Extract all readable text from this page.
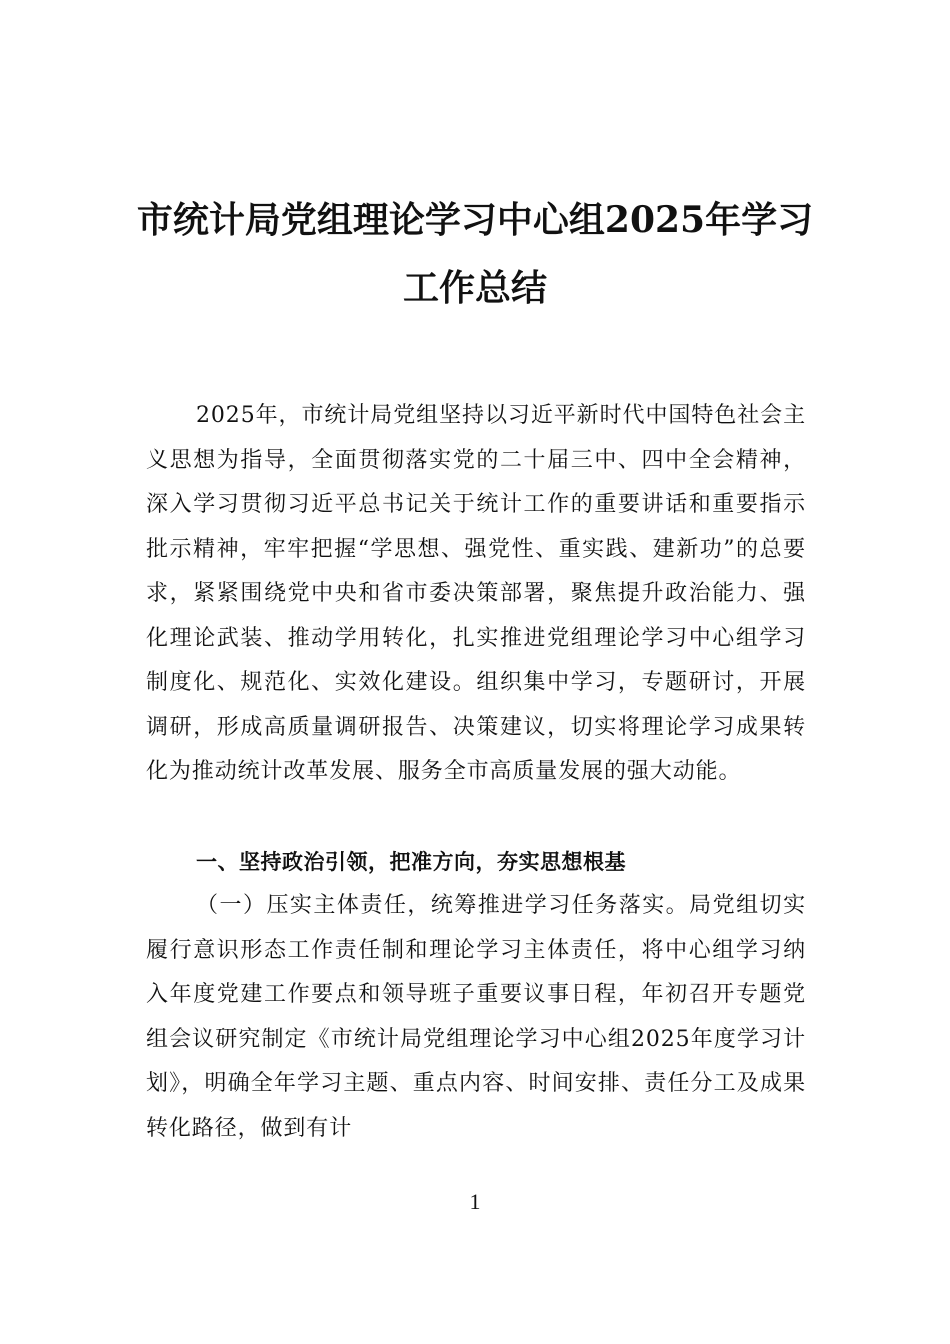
市统计局党组理论学习中心组2025年学习
工作总结
2025年，市统计局党组坚持以习近平新时代中国特色社会主义思想为指导，全面贯彻落实党的二十届三中、四中全会精神，深入学习贯彻习近平总书记关于统计工作的重要讲话和重要指示批示精神，牢牢把握“学思想、强党性、重实践、建新功”的总要求，紧紧围绕党中央和省市委决策部署，聚焦提升政治能力、强化理论武装、推动学用转化，扎实推进党组理论学习中心组学习制度化、规范化、实效化建设。组织集中学习，专题研讨，开展调研，形成高质量调研报告、决策建议，切实将理论学习成果转化为推动统计改革发展、服务全市高质量发展的强大动能。
一、坚持政治引领，把准方向，夯实思想根基
（一）压实主体责任，统筹推进学习任务落实。局党组切实履行意识形态工作责任制和理论学习主体责任，将中心组学习纳入年度党建工作要点和领导班子重要议事日程，年初召开专题党组会议研究制定《市统计局党组理论学习中心组2025年度学习计划》，明确全年学习主题、重点内容、时间安排、责任分工及成果转化路径，做到有计
1
